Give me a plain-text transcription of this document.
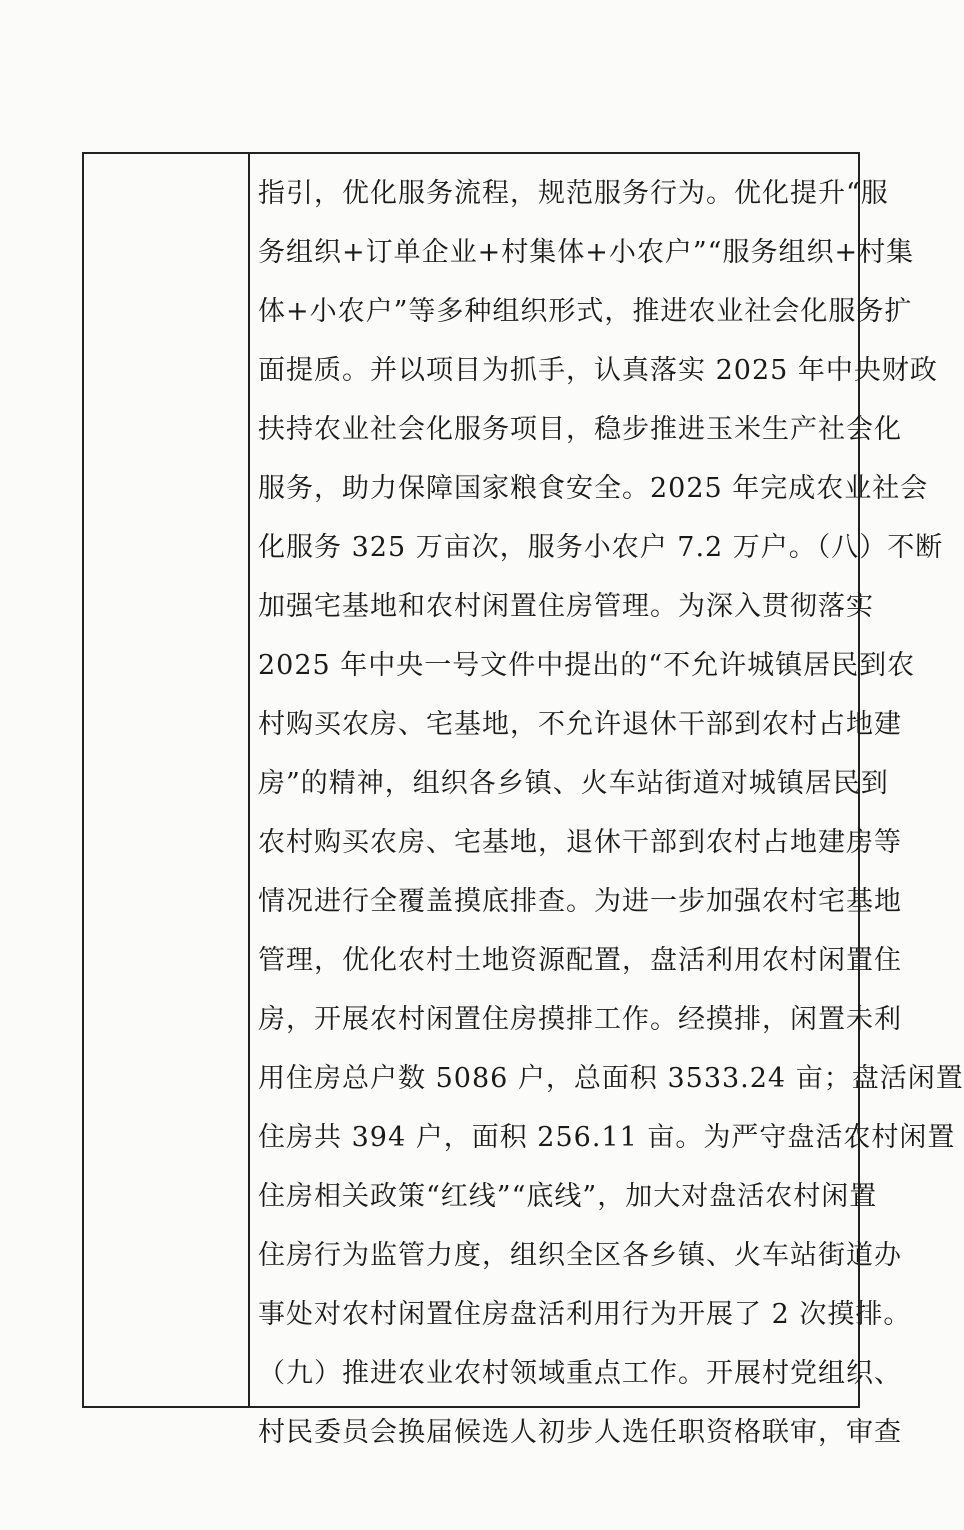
指引，优化服务流程，规范服务行为。优化提升“服
务组织+订单企业+村集体+小农户”“服务组织+村集
体+小农户”等多种组织形式，推进农业社会化服务扩
面提质。并以项目为抓手，认真落实 2025 年中央财政
扶持农业社会化服务项目，稳步推进玉米生产社会化
服务，助力保障国家粮食安全。2025 年完成农业社会
化服务 325 万亩次，服务小农户 7.2 万户。（八）不断
加强宅基地和农村闲置住房管理。为深入贯彻落实
2025 年中央一号文件中提出的“不允许城镇居民到农
村购买农房、宅基地，不允许退休干部到农村占地建
房”的精神，组织各乡镇、火车站街道对城镇居民到
农村购买农房、宅基地，退休干部到农村占地建房等
情况进行全覆盖摸底排查。为进一步加强农村宅基地
管理，优化农村土地资源配置，盘活利用农村闲置住
房，开展农村闲置住房摸排工作。经摸排，闲置未利
用住房总户数 5086 户，总面积 3533.24 亩；盘活闲置
住房共 394 户，面积 256.11 亩。为严守盘活农村闲置
住房相关政策“红线”“底线”，加大对盘活农村闲置
住房行为监管力度，组织全区各乡镇、火车站街道办
事处对农村闲置住房盘活利用行为开展了 2 次摸排。
（九）推进农业农村领域重点工作。开展村党组织、
村民委员会换届候选人初步人选任职资格联审，审查
